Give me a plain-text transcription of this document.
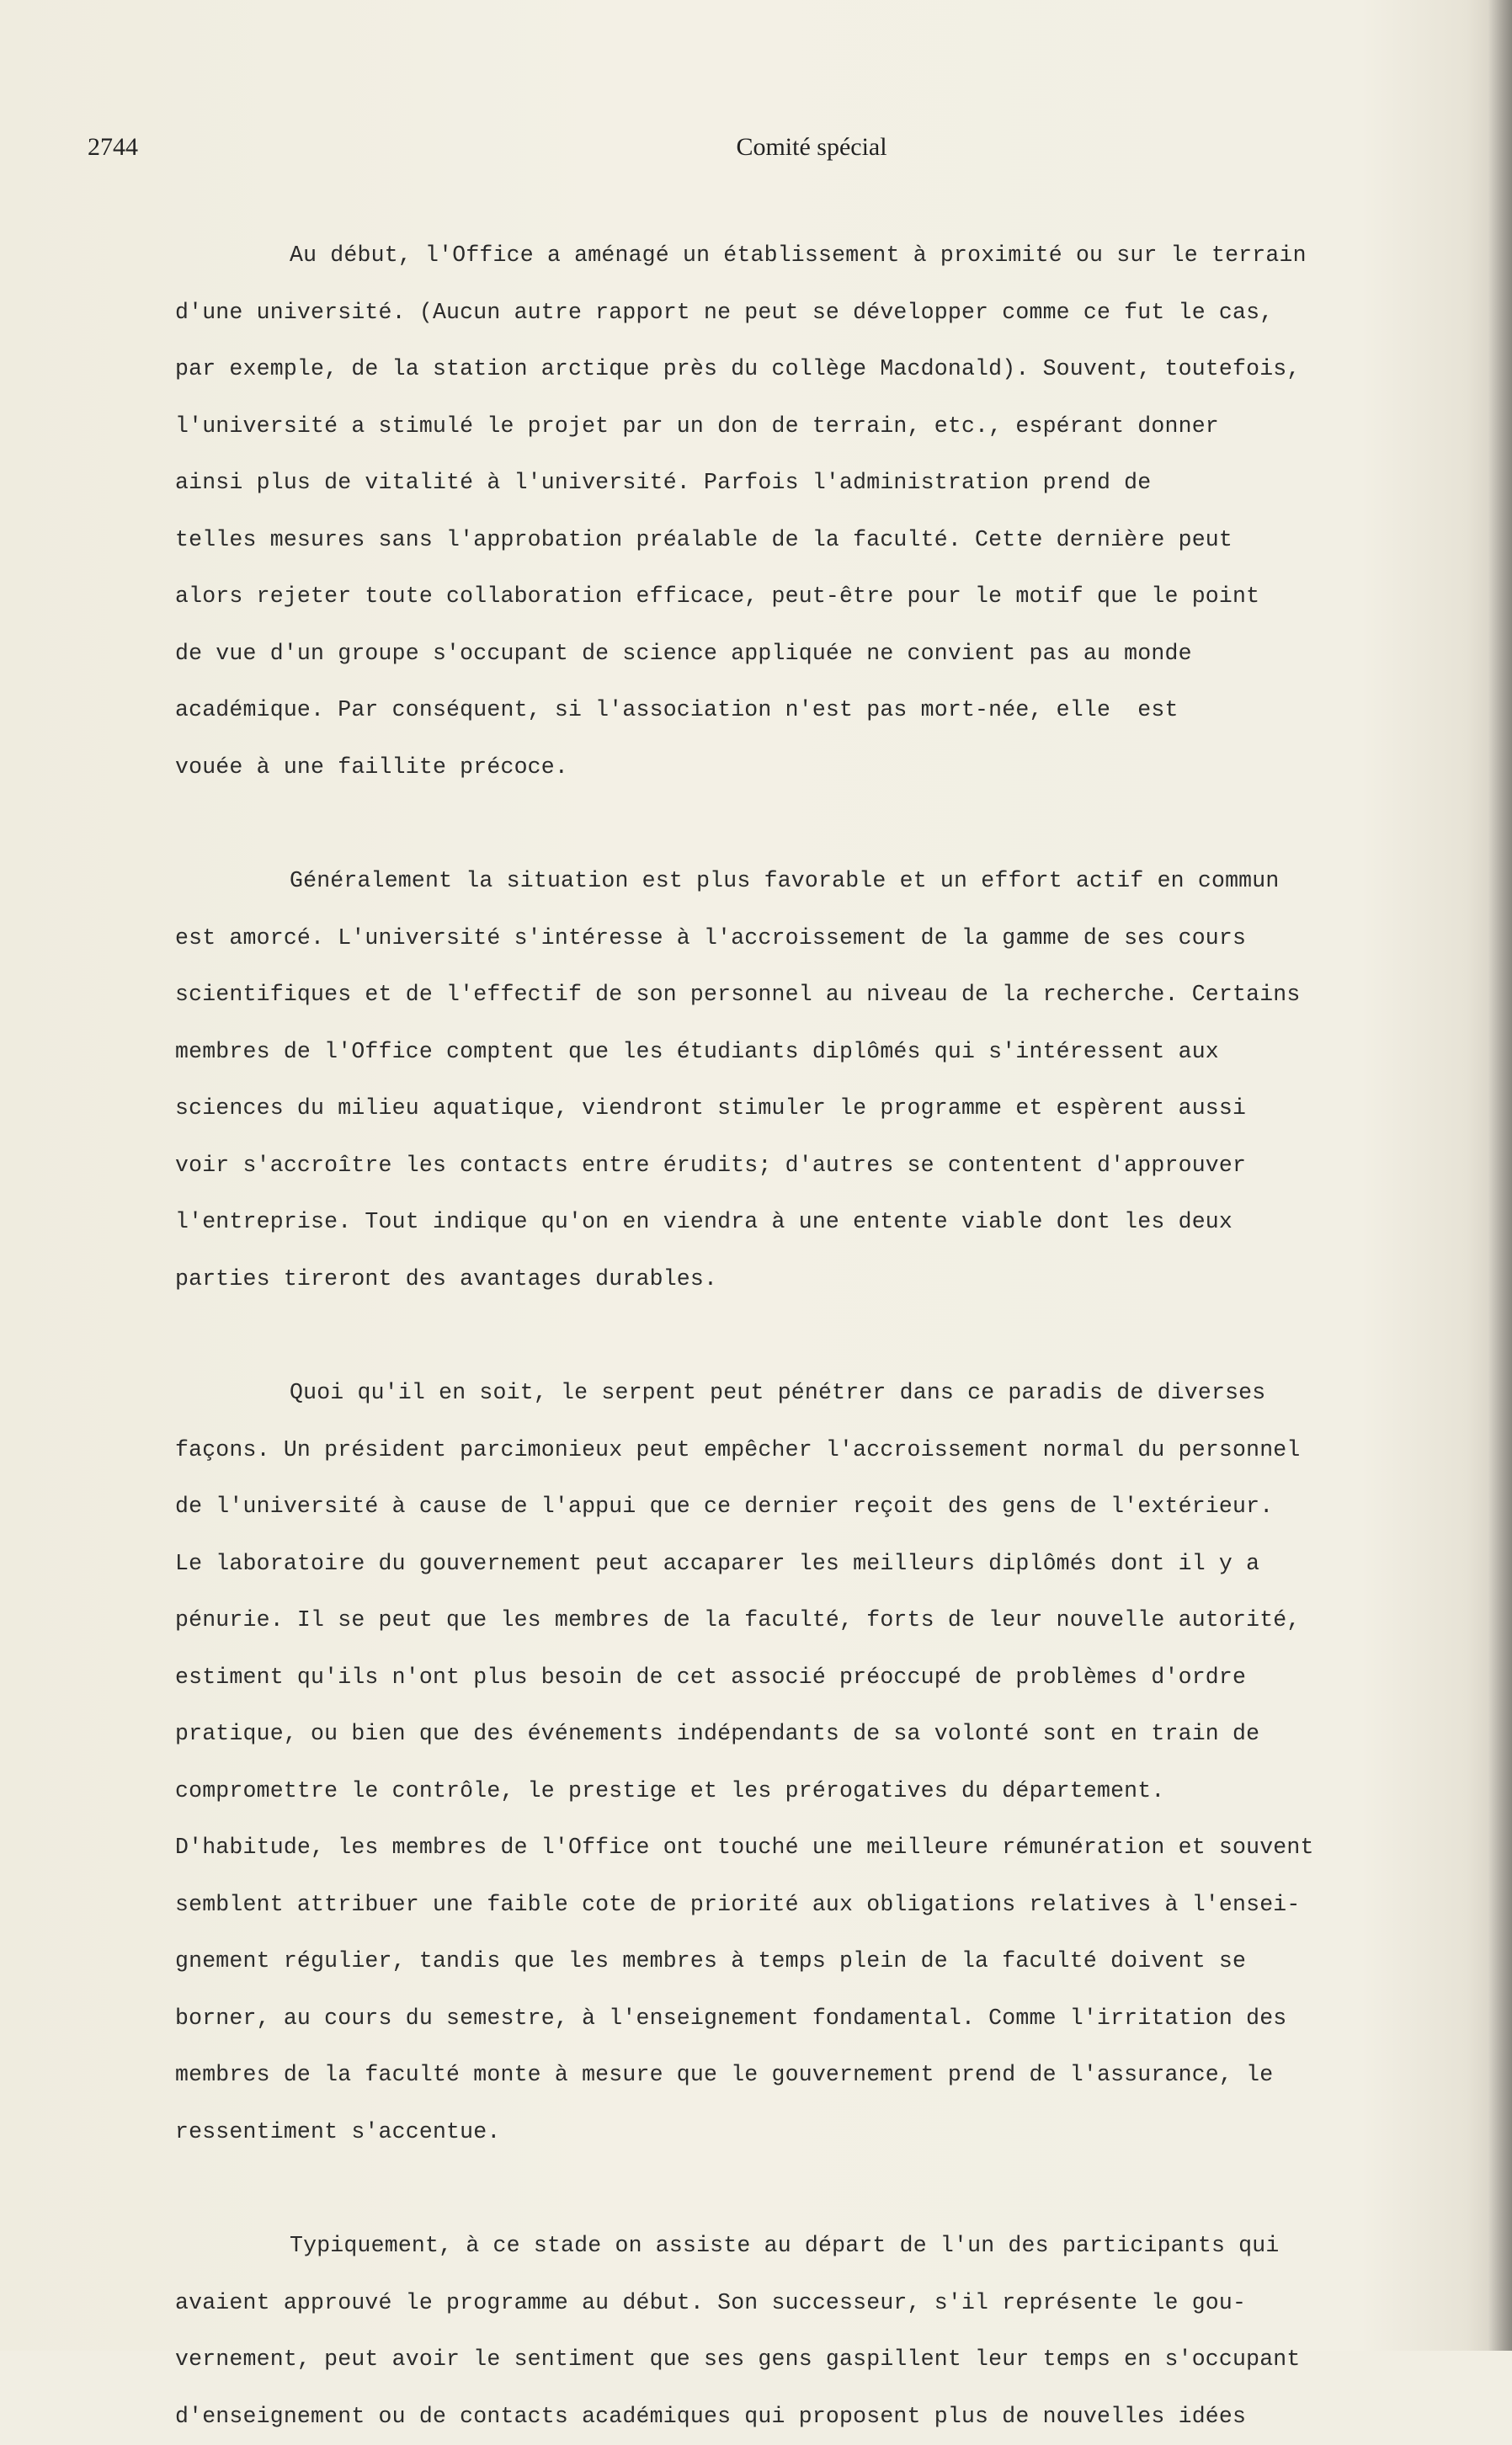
2744	Comité spécial
Au début, l'Office a aménagé un établissement à proximité ou sur le terrain
d'une université. (Aucun autre rapport ne peut se développer comme ce fut le cas,
par exemple, de la station arctique près du collège Macdonald). Souvent, toutefois,
l'université a stimulé le projet par un don de terrain, etc., espérant donner
ainsi plus de vitalité à l'université. Parfois l'administration prend de
telles mesures sans l'approbation préalable de la faculté. Cette dernière peut
alors rejeter toute collaboration efficace, peut-être pour le motif que le point
de vue d'un groupe s'occupant de science appliquée ne convient pas au monde
académique. Par conséquent, si l'association n'est pas mort-née, elle  est
vouée à une faillite précoce.
Généralement la situation est plus favorable et un effort actif en commun
est amorcé. L'université s'intéresse à l'accroissement de la gamme de ses cours
scientifiques et de l'effectif de son personnel au niveau de la recherche. Certains
membres de l'Office comptent que les étudiants diplômés qui s'intéressent aux
sciences du milieu aquatique, viendront stimuler le programme et espèrent aussi
voir s'accroître les contacts entre érudits; d'autres se contentent d'approuver
l'entreprise. Tout indique qu'on en viendra à une entente viable dont les deux
parties tireront des avantages durables.
Quoi qu'il en soit, le serpent peut pénétrer dans ce paradis de diverses
façons. Un président parcimonieux peut empêcher l'accroissement normal du personnel
de l'université à cause de l'appui que ce dernier reçoit des gens de l'extérieur.
Le laboratoire du gouvernement peut accaparer les meilleurs diplômés dont il y a
pénurie. Il se peut que les membres de la faculté, forts de leur nouvelle autorité,
estiment qu'ils n'ont plus besoin de cet associé préoccupé de problèmes d'ordre
pratique, ou bien que des événements indépendants de sa volonté sont en train de
compromettre le contrôle, le prestige et les prérogatives du département.
D'habitude, les membres de l'Office ont touché une meilleure rémunération et souvent
semblent attribuer une faible cote de priorité aux obligations relatives à l'ensei-
gnement régulier, tandis que les membres à temps plein de la faculté doivent se
borner, au cours du semestre, à l'enseignement fondamental. Comme l'irritation des
membres de la faculté monte à mesure que le gouvernement prend de l'assurance, le
ressentiment s'accentue.
Typiquement, à ce stade on assiste au départ de l'un des participants qui
avaient approuvé le programme au début. Son successeur, s'il représente le gou-
vernement, peut avoir le sentiment que ses gens gaspillent leur temps en s'occupant
d'enseignement ou de contacts académiques qui proposent plus de nouvelles idées
